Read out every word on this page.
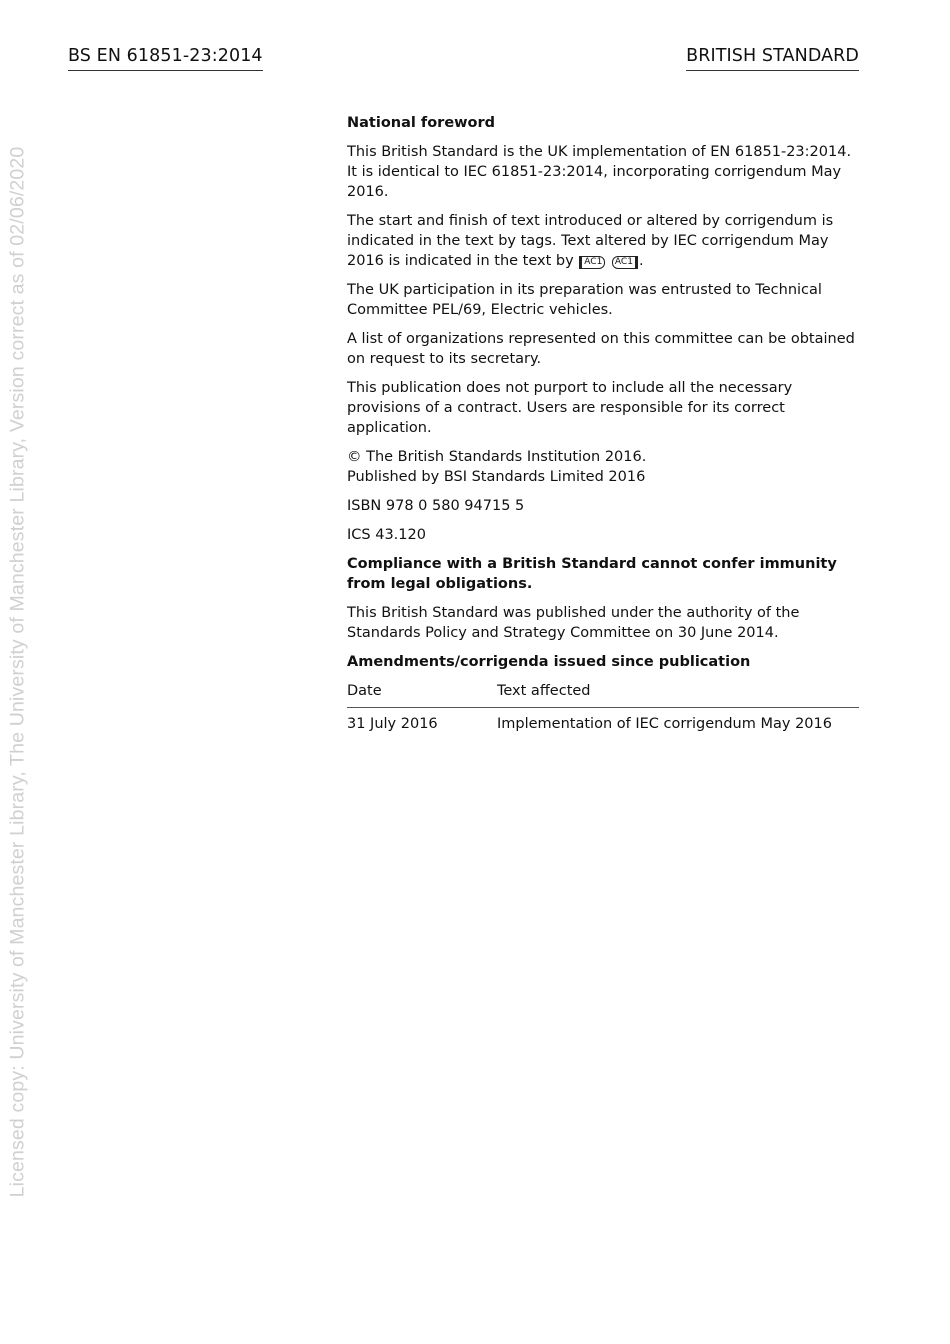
BS EN 61851-23:2014	BRITISH STANDARD
Licensed copy: University of Manchester Library, The University of Manchester Library, Version correct as of 02/06/2020

National foreword

This British Standard is the UK implementation of EN 61851-23:2014. It is identical to IEC 61851-23:2014, incorporating corrigendum May 2016.

The start and finish of text introduced or altered by corrigendum is indicated in the text by tags. Text altered by IEC corrigendum May 2016 is indicated in the text by AC1 AC1 .

The UK participation in its preparation was entrusted to Technical Committee PEL/69, Electric vehicles.

A list of organizations represented on this committee can be obtained on request to its secretary.

This publication does not purport to include all the necessary provisions of a contract. Users are responsible for its correct application.

© The British Standards Institution 2016.
Published by BSI Standards Limited 2016

ISBN 978 0 580 94715 5

ICS 43.120

Compliance with a British Standard cannot confer immunity from legal obligations.

This British Standard was published under the authority of the Standards Policy and Strategy Committee on 30 June 2014.

Amendments/corrigenda issued since publication

Date	Text affected
31 July 2016	Implementation of IEC corrigendum May 2016
